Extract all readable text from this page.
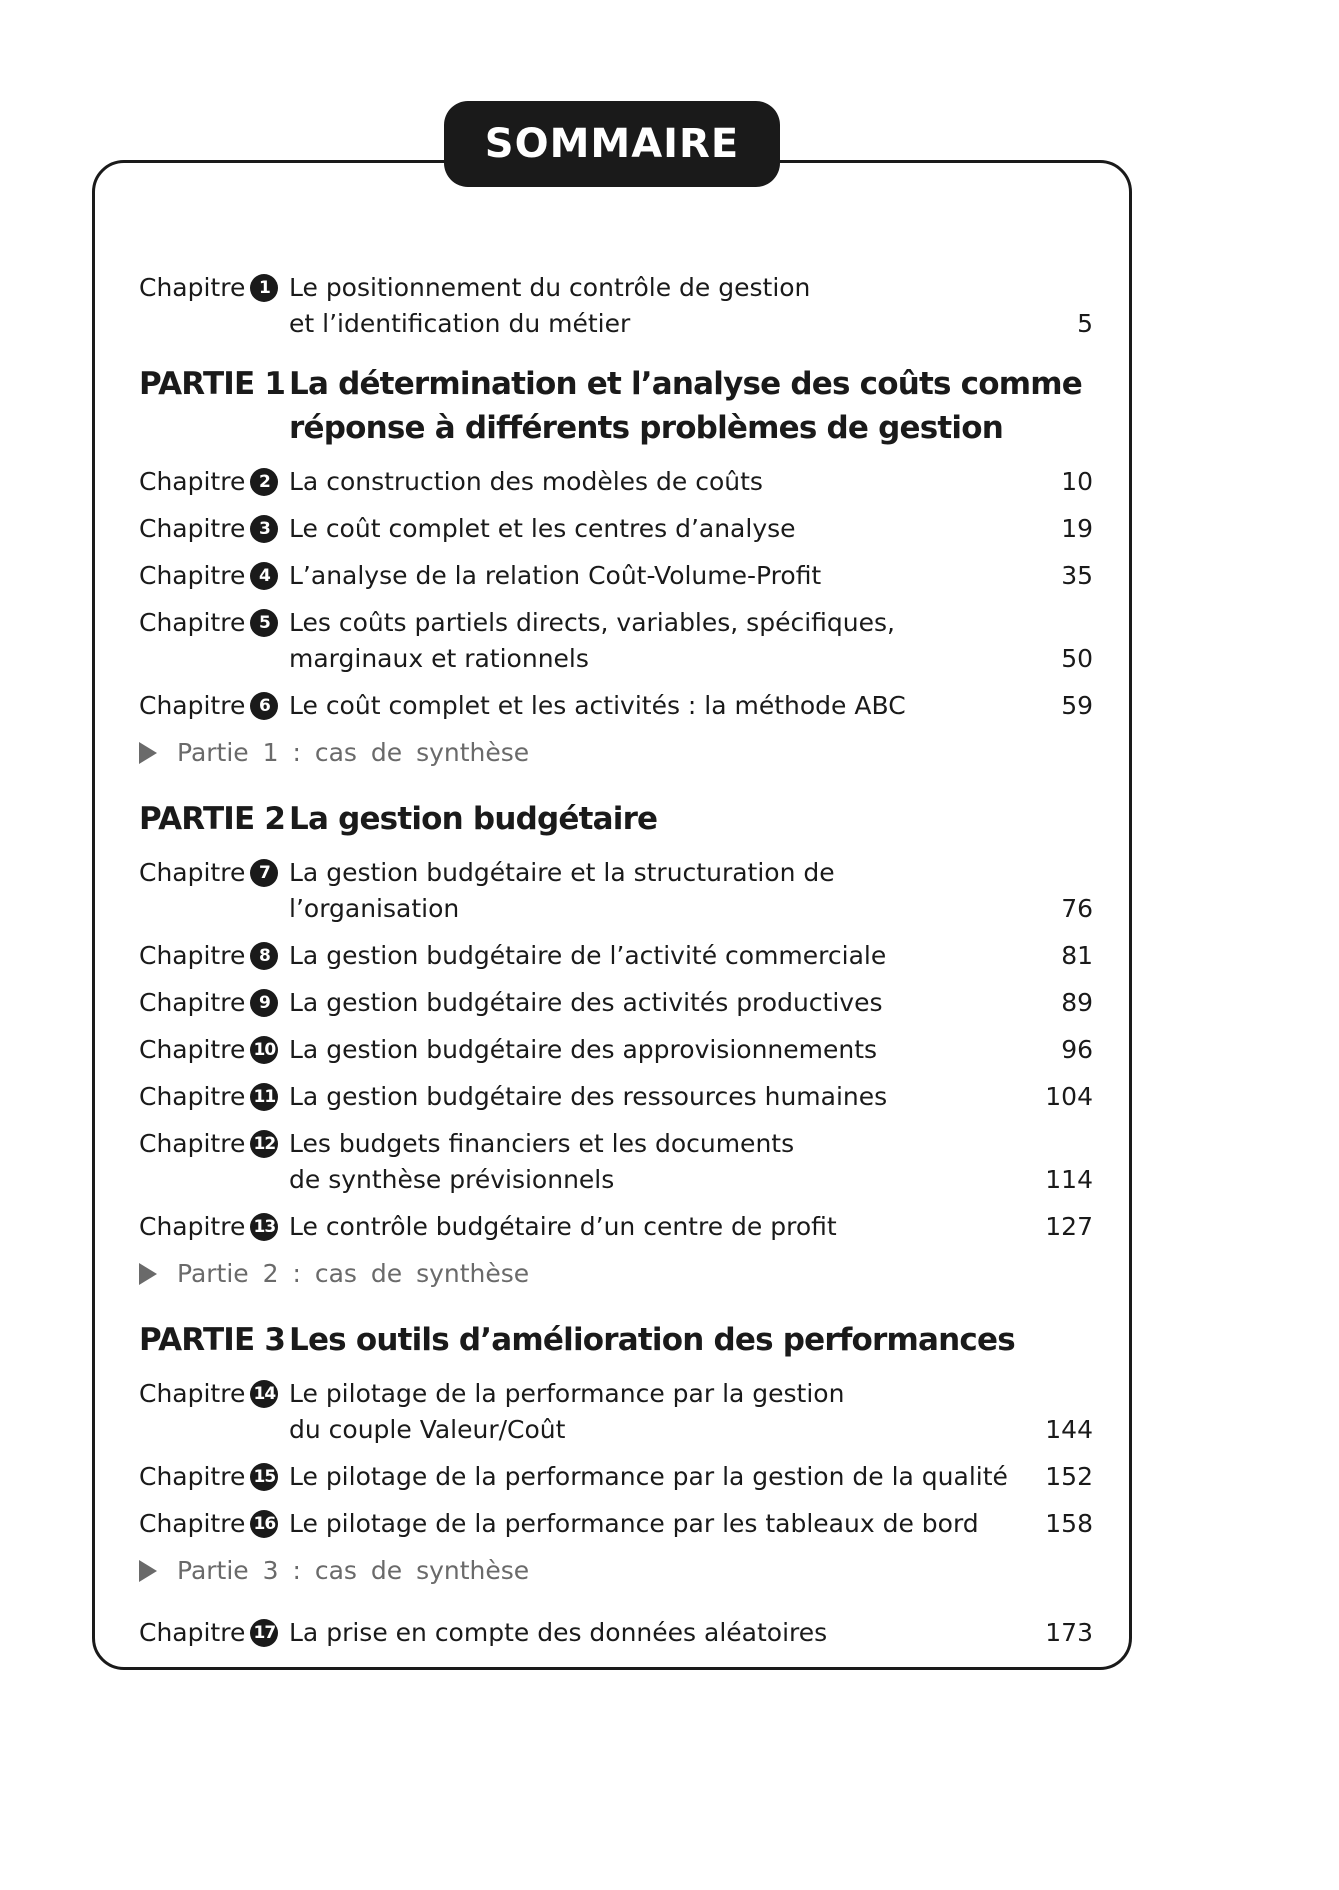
SOMMAIRE
Chapitre 1 Le positionnement du contrôle de gestion
et l’identification du métier	5
PARTIE 1 La détermination et l’analyse des coûts comme
réponse à différents problèmes de gestion
Chapitre 2 La construction des modèles de coûts	10
Chapitre 3 Le coût complet et les centres d’analyse	19
Chapitre 4 L’analyse de la relation Coût-Volume-Profit	35
Chapitre 5 Les coûts partiels directs, variables, spécifiques,
marginaux et rationnels	50
Chapitre 6 Le coût complet et les activités : la méthode ABC	59
Partie 1 : cas de synthèse
PARTIE 2 La gestion budgétaire
Chapitre 7 La gestion budgétaire et la structuration de l’organisation	76
Chapitre 8 La gestion budgétaire de l’activité commerciale	81
Chapitre 9 La gestion budgétaire des activités productives	89
Chapitre 10 La gestion budgétaire des approvisionnements	96
Chapitre 11 La gestion budgétaire des ressources humaines	104
Chapitre 12 Les budgets financiers et les documents
de synthèse prévisionnels	114
Chapitre 13 Le contrôle budgétaire d’un centre de profit	127
Partie 2 : cas de synthèse
PARTIE 3 Les outils d’amélioration des performances
Chapitre 14 Le pilotage de la performance par la gestion
du couple Valeur/Coût	144
Chapitre 15 Le pilotage de la performance par la gestion de la qualité	152
Chapitre 16 Le pilotage de la performance par les tableaux de bord	158
Partie 3 : cas de synthèse
Chapitre 17 La prise en compte des données aléatoires	173
